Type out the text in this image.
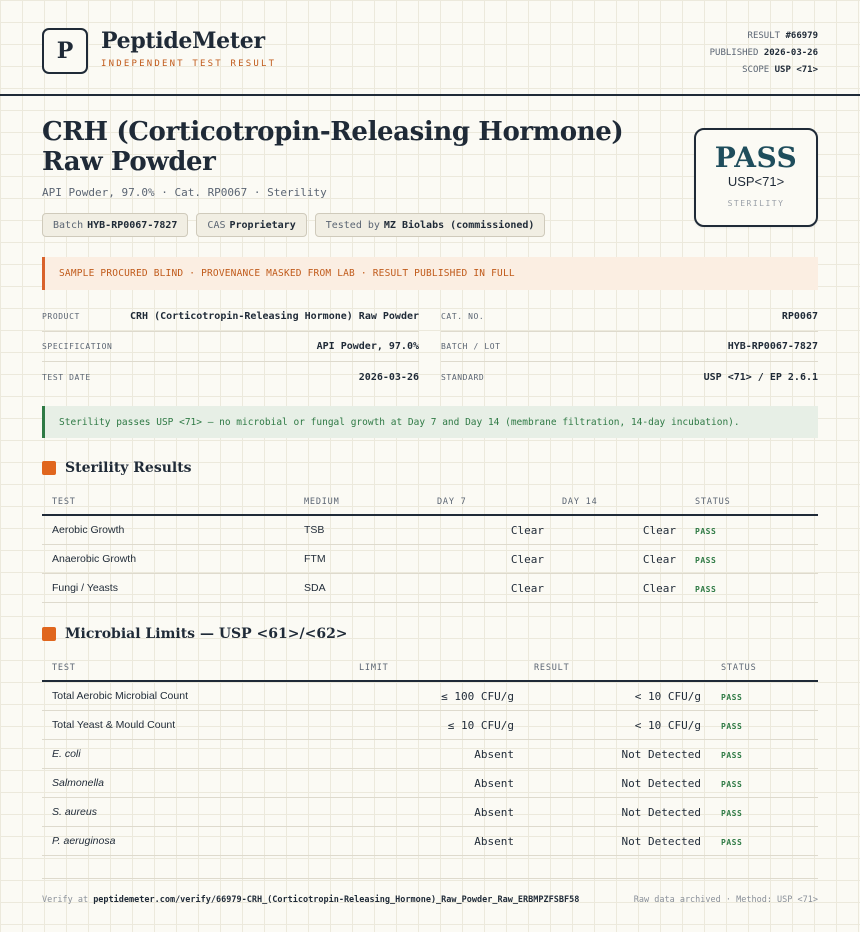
P	PeptideMeter
INDEPENDENT TEST RESULT
RESULT #66979
PUBLISHED 2026-03-26
SCOPE USP <71>
CRH (Corticotropin-Releasing Hormone) Raw Powder
API Powder, 97.0% · Cat. RP0067 · Sterility
Batch HYB-RP0067-7827	CAS Proprietary	Tested by MZ Biolabs (commissioned)
PASS
USP<71>
STERILITY
SAMPLE PROCURED BLIND · PROVENANCE MASKED FROM LAB · RESULT PUBLISHED IN FULL
PRODUCT	CRH (Corticotropin-Releasing Hormone) Raw Powder
SPECIFICATION	API Powder, 97.0%
TEST DATE	2026-03-26
CAT. NO.	RP0067
BATCH / LOT	HYB-RP0067-7827
STANDARD	USP <71> / EP 2.6.1
Sterility passes USP <71> — no microbial or fungal growth at Day 7 and Day 14 (membrane filtration, 14-day incubation).
Sterility Results
TEST	MEDIUM	DAY 7	DAY 14	STATUS
Aerobic Growth	TSB	Clear	Clear PASS
Anaerobic Growth	FTM	Clear	Clear PASS
Fungi / Yeasts	SDA	Clear	Clear PASS
Microbial Limits — USP <61>/<62>
TEST	LIMIT	RESULT	STATUS
Total Aerobic Microbial Count	≤ 100 CFU/g	< 10 CFU/g	PASS
Total Yeast & Mould Count	≤ 10 CFU/g	< 10 CFU/g	PASS
E. coli	Absent	Not Detected	PASS
Salmonella	Absent	Not Detected	PASS
S. aureus	Absent	Not Detected	PASS
P. aeruginosa	Absent	Not Detected	PASS
Verify at peptidemeter.com/verify/66979-CRH_(Corticotropin-Releasing_Hormone)_Raw_Powder_Raw_ERBMPZFSBF58	Raw data archived · Method: USP <71>
